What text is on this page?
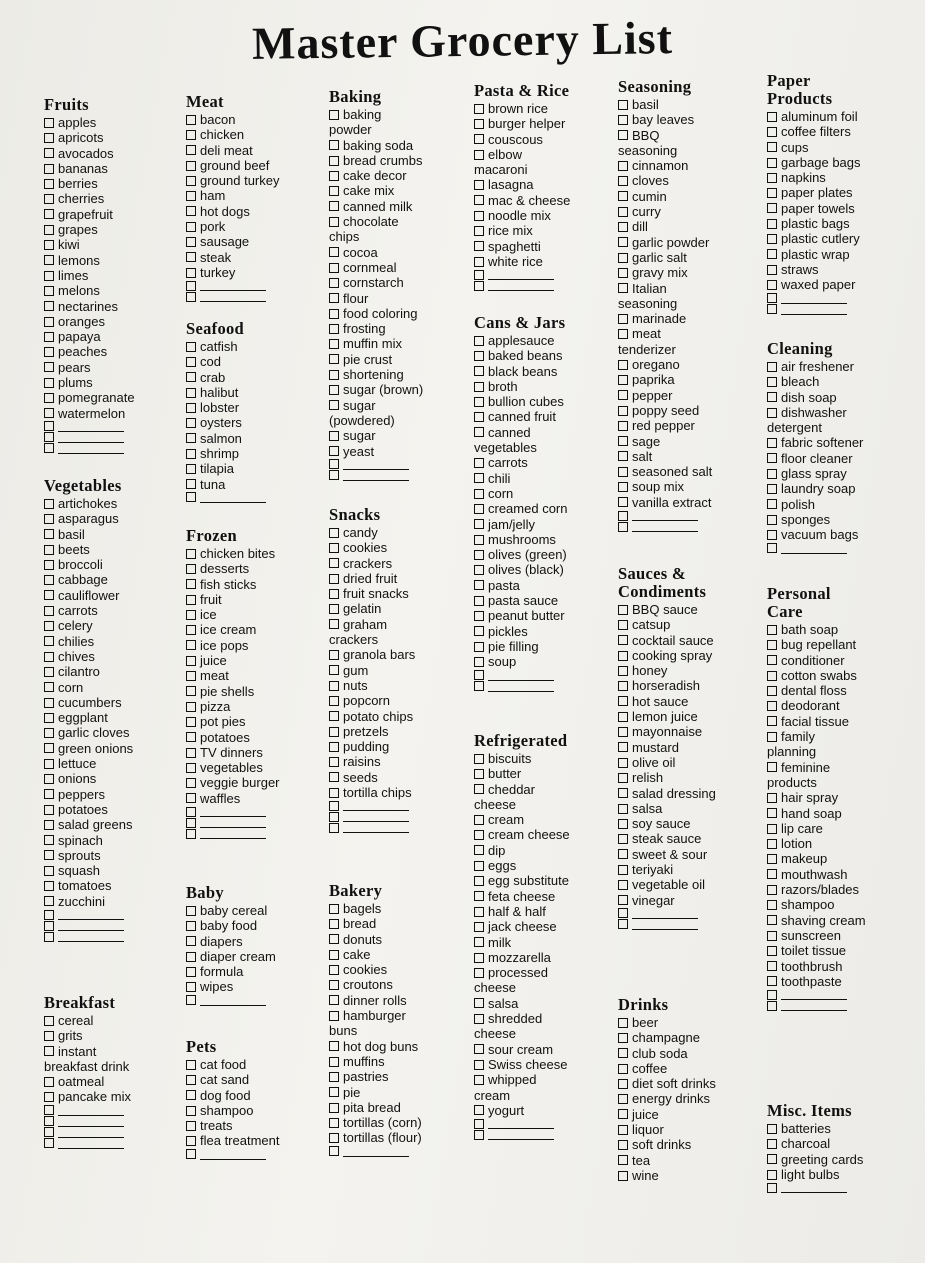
Master Grocery List
Fruits
apples
apricots
avocados
bananas
berries
cherries
grapefruit
grapes
kiwi
lemons
limes
melons
nectarines
oranges
papaya
peaches
pears
plums
pomegranate
watermelon
Vegetables
artichokes
asparagus
basil
beets
broccoli
cabbage
cauliflower
carrots
celery
chilies
chives
cilantro
corn
cucumbers
eggplant
garlic cloves
green onions
lettuce
onions
peppers
potatoes
salad greens
spinach
sprouts
squash
tomatoes
zucchini
Breakfast
cereal
grits
instant
breakfast drink
oatmeal
pancake mix
Meat
bacon
chicken
deli meat
ground beef
ground turkey
ham
hot dogs
pork
sausage
steak
turkey
Seafood
catfish
cod
crab
halibut
lobster
oysters
salmon
shrimp
tilapia
tuna
Frozen
chicken bites
desserts
fish sticks
fruit
ice
ice cream
ice pops
juice
meat
pie shells
pizza
pot pies
potatoes
TV dinners
vegetables
veggie burger
waffles
Baby
baby cereal
baby food
diapers
diaper cream
formula
wipes
Pets
cat food
cat sand
dog food
shampoo
treats
flea treatment
Baking
baking
powder
baking soda
bread crumbs
cake decor
cake mix
canned milk
chocolate
chips
cocoa
cornmeal
cornstarch
flour
food coloring
frosting
muffin mix
pie crust
shortening
sugar (brown)
sugar
(powdered)
sugar
yeast
Snacks
candy
cookies
crackers
dried fruit
fruit snacks
gelatin
graham
crackers
granola bars
gum
nuts
popcorn
potato chips
pretzels
pudding
raisins
seeds
tortilla chips
Bakery
bagels
bread
donuts
cake
cookies
croutons
dinner rolls
hamburger
buns
hot dog buns
muffins
pastries
pie
pita bread
tortillas (corn)
tortillas (flour)
Pasta & Rice
brown rice
burger helper
couscous
elbow
macaroni
lasagna
mac & cheese
noodle mix
rice mix
spaghetti
white rice
Cans & Jars
applesauce
baked beans
black beans
broth
bullion cubes
canned fruit
canned
vegetables
carrots
chili
corn
creamed corn
jam/jelly
mushrooms
olives (green)
olives (black)
pasta
pasta sauce
peanut butter
pickles
pie filling
soup
Refrigerated
biscuits
butter
cheddar
cheese
cream
cream cheese
dip
eggs
egg substitute
feta cheese
half & half
jack cheese
milk
mozzarella
processed
cheese
salsa
shredded
cheese
sour cream
Swiss cheese
whipped
cream
yogurt
Seasoning
basil
bay leaves
BBQ
seasoning
cinnamon
cloves
cumin
curry
dill
garlic powder
garlic salt
gravy mix
Italian
seasoning
marinade
meat
tenderizer
oregano
paprika
pepper
poppy seed
red pepper
sage
salt
seasoned salt
soup mix
vanilla extract
Sauces & Condiments
BBQ sauce
catsup
cocktail sauce
cooking spray
honey
horseradish
hot sauce
lemon juice
mayonnaise
mustard
olive oil
relish
salad dressing
salsa
soy sauce
steak sauce
sweet & sour
teriyaki
vegetable oil
vinegar
Drinks
beer
champagne
club soda
coffee
diet soft drinks
energy drinks
juice
liquor
soft drinks
tea
wine
Paper Products
aluminum foil
coffee filters
cups
garbage bags
napkins
paper plates
paper towels
plastic bags
plastic cutlery
plastic wrap
straws
waxed paper
Cleaning
air freshener
bleach
dish soap
dishwasher
detergent
fabric softener
floor cleaner
glass spray
laundry soap
polish
sponges
vacuum bags
Personal Care
bath soap
bug repellant
conditioner
cotton swabs
dental floss
deodorant
facial tissue
family
planning
feminine
products
hair spray
hand soap
lip care
lotion
makeup
mouthwash
razors/blades
shampoo
shaving cream
sunscreen
toilet tissue
toothbrush
toothpaste
Misc. Items
batteries
charcoal
greeting cards
light bulbs
